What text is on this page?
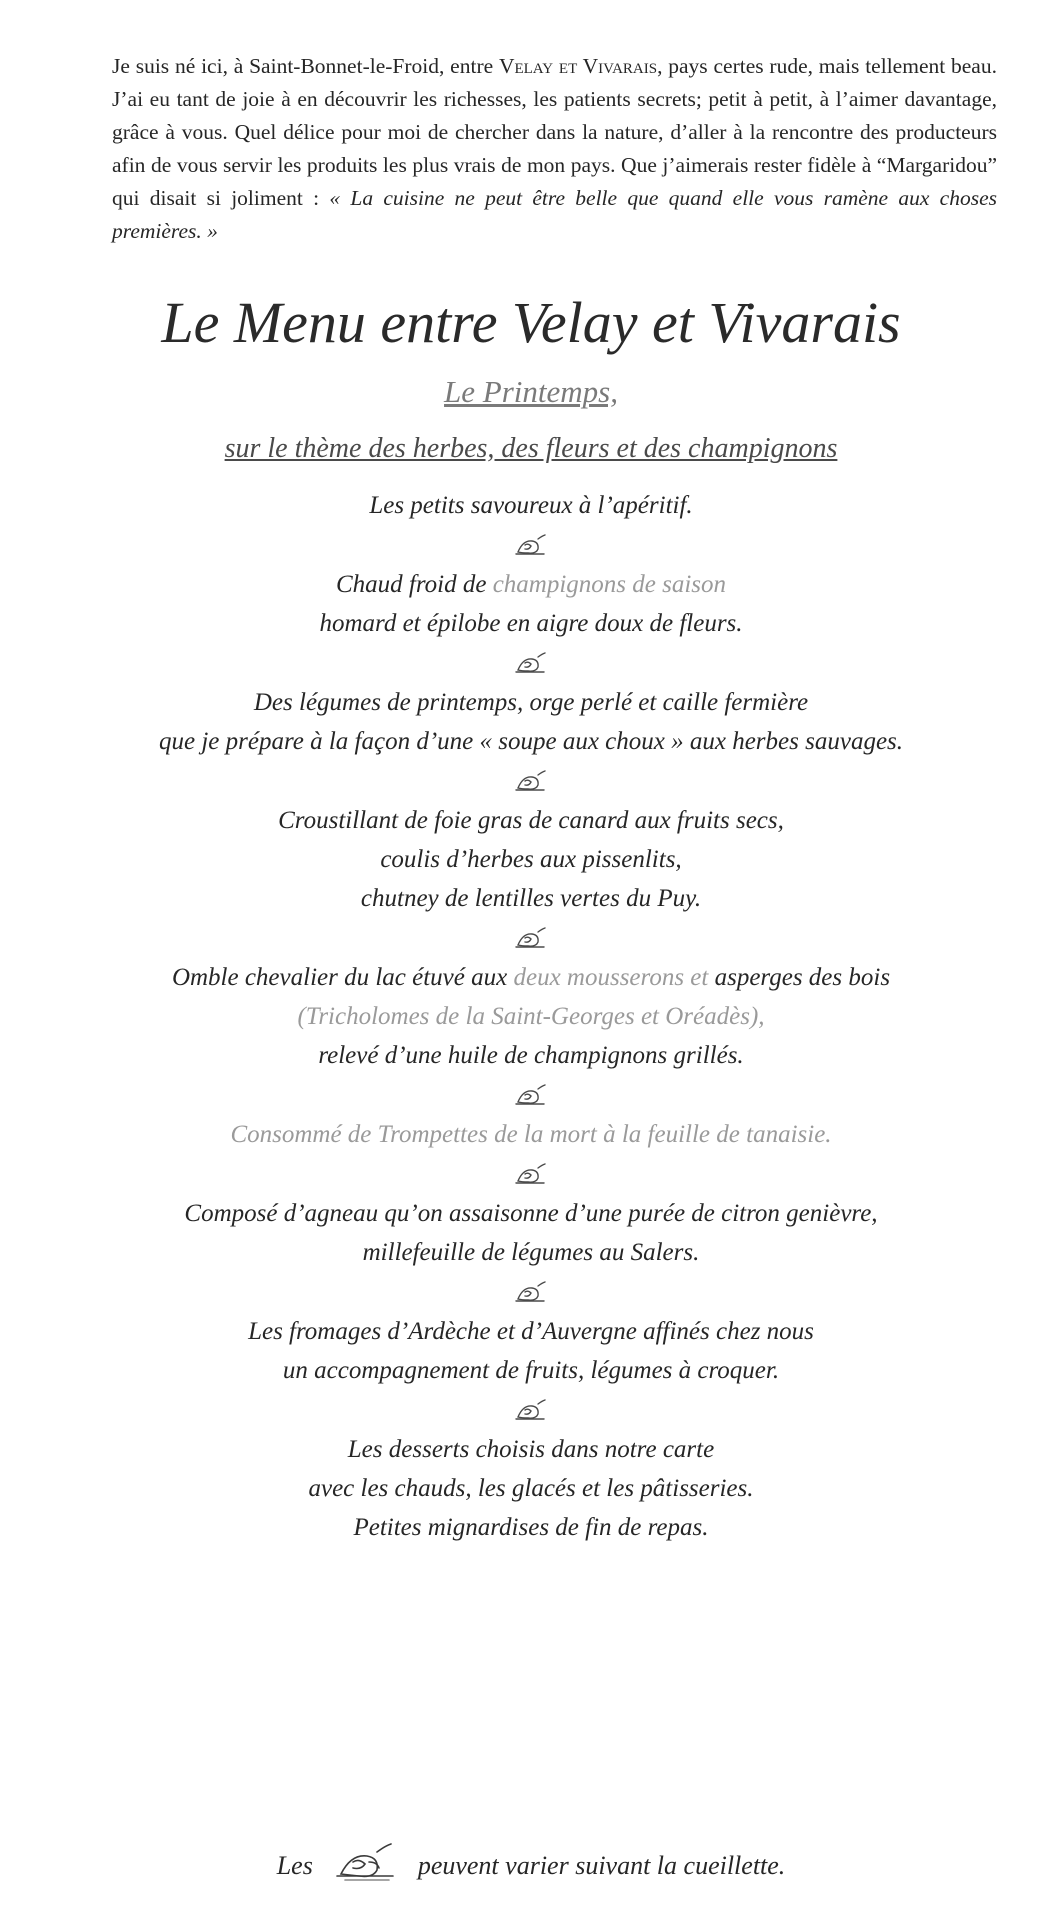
Je suis né ici, à Saint-Bonnet-le-Froid, entre Velay et Vivarais, pays certes rude, mais tellement beau. J’ai eu tant de joie à en découvrir les richesses, les patients secrets; petit à petit, à l’aimer davantage, grâce à vous. Quel délice pour moi de chercher dans la nature, d’aller à la rencontre des producteurs afin de vous servir les produits les plus vrais de mon pays. Que j’aimerais rester fidèle à “Margaridou” qui disait si joliment : « La cuisine ne peut être belle que quand elle vous ramène aux choses premières. »

Le Menu entre Velay et Vivarais
Le Printemps,
sur le thème des herbes, des fleurs et des champignons
Les petits savoureux à l’apéritif.
Chaud froid de champignons de saison
homard et épilobe en aigre doux de fleurs.
Des légumes de printemps, orge perlé et caille fermière
que je prépare à la façon d’une « soupe aux choux » aux herbes sauvages.
Croustillant de foie gras de canard aux fruits secs,
coulis d’herbes aux pissenlits,
chutney de lentilles vertes du Puy.
Omble chevalier du lac étuvé aux deux mousserons et asperges des bois
(Tricholomes de la Saint-Georges et Oréadès),
relevé d’une huile de champignons grillés.
Consommé de Trompettes de la mort à la feuille de tanaisie.
Composé d’agneau qu’on assaisonne d’une purée de citron genièvre,
millefeuille de légumes au Salers.
Les fromages d’Ardèche et d’Auvergne affinés chez nous
un accompagnement de fruits, légumes à croquer.
Les desserts choisis dans notre carte
avec les chauds, les glacés et les pâtisseries.
Petites mignardises de fin de repas.
Les	peuvent varier suivant la cueillette.
